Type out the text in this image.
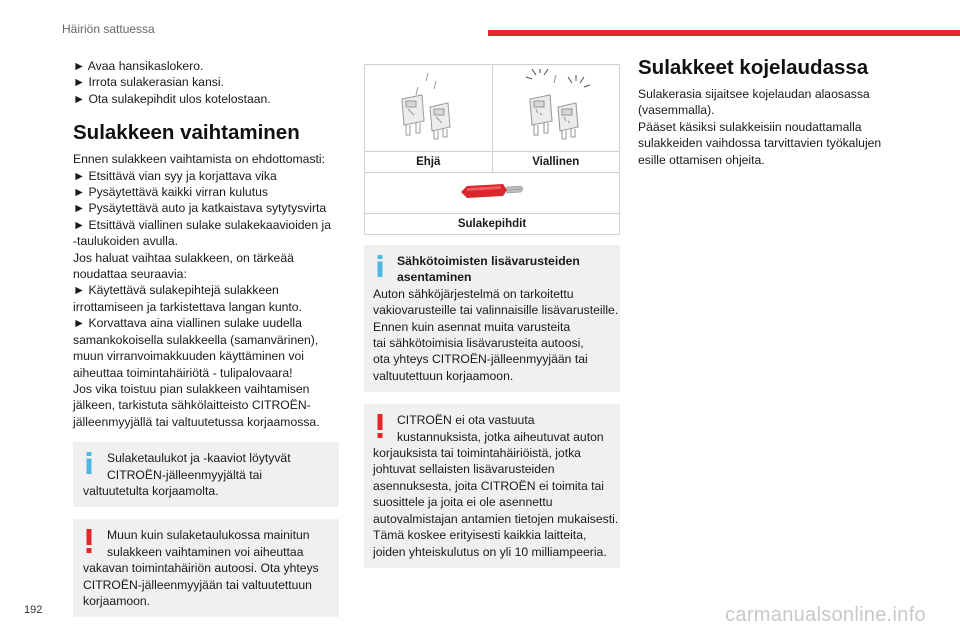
Häiriön sattuessa
► Avaa hansikaslokero.
► Irrota sulakerasian kansi.
► Ota sulakepihdit ulos kotelostaan.
Sulakkeen vaihtaminen
Ennen sulakkeen vaihtamista on ehdottomasti:
► Etsittävä vian syy ja korjattava vika
► Pysäytettävä kaikki virran kulutus
► Pysäytettävä auto ja katkaistava sytytysvirta
► Etsittävä viallinen sulake sulakekaavioiden ja
-taulukoiden avulla.
Jos haluat vaihtaa sulakkeen, on tärkeää
noudattaa seuraavia:
► Käytettävä sulakepihtejä sulakkeen
irrottamiseen ja tarkistettava langan kunto.
► Korvattava aina viallinen sulake uudella
samankokoisella sulakkeella (samanvärinen),
muun virranvoimakkuuden käyttäminen voi
aiheuttaa toimintahäiriötä - tulipalovaara!
Jos vika toistuu pian sulakkeen vaihtamisen
jälkeen, tarkistuta sähkölaitteisto CITROËN-
jälleenmyyjällä tai valtuutetussa korjaamossa.
Sulaketaulukot ja -kaaviot löytyvät
CITROËN-jälleenmyyjältä tai
valtuutetulta korjaamolta.
Muun kuin sulaketaulukossa mainitun
sulakkeen vaihtaminen voi aiheuttaa
vakavan toimintahäiriön autoosi. Ota yhteys
CITROËN-jälleenmyyjään tai valtuutettuun
korjaamoon.

Ehjä	Viallinen

Sulakepihdit	
Sähkötoimisten lisävarusteiden
asentaminen
Auton sähköjärjestelmä on tarkoitettu
vakiovarusteille tai valinnaisille lisävarusteille.
Ennen kuin asennat muita varusteita
tai sähkötoimisia lisävarusteita autoosi,
ota yhteys CITROËN-jälleenmyyjään tai
valtuutettuun korjaamoon.
CITROËN ei ota vastuuta
kustannuksista, jotka aiheutuvat auton
korjauksista tai toimintahäiriöistä, jotka
johtuvat sellaisten lisävarusteiden
asennuksesta, joita CITROËN ei toimita tai
suosittele ja joita ei ole asennettu
autovalmistajan antamien tietojen mukaisesti.
Tämä koskee erityisesti kaikkia laitteita,
joiden yhteiskulutus on yli 10 milliampeeria.
Sulakkeet kojelaudassa
Sulakerasia sijaitsee kojelaudan alaosassa
(vasemmalla).
Pääset käsiksi sulakkeisiin noudattamalla
sulakkeiden vaihdossa tarvittavien työkalujen
esille ottamisen ohjeita.
192	carmanualsonline.info
